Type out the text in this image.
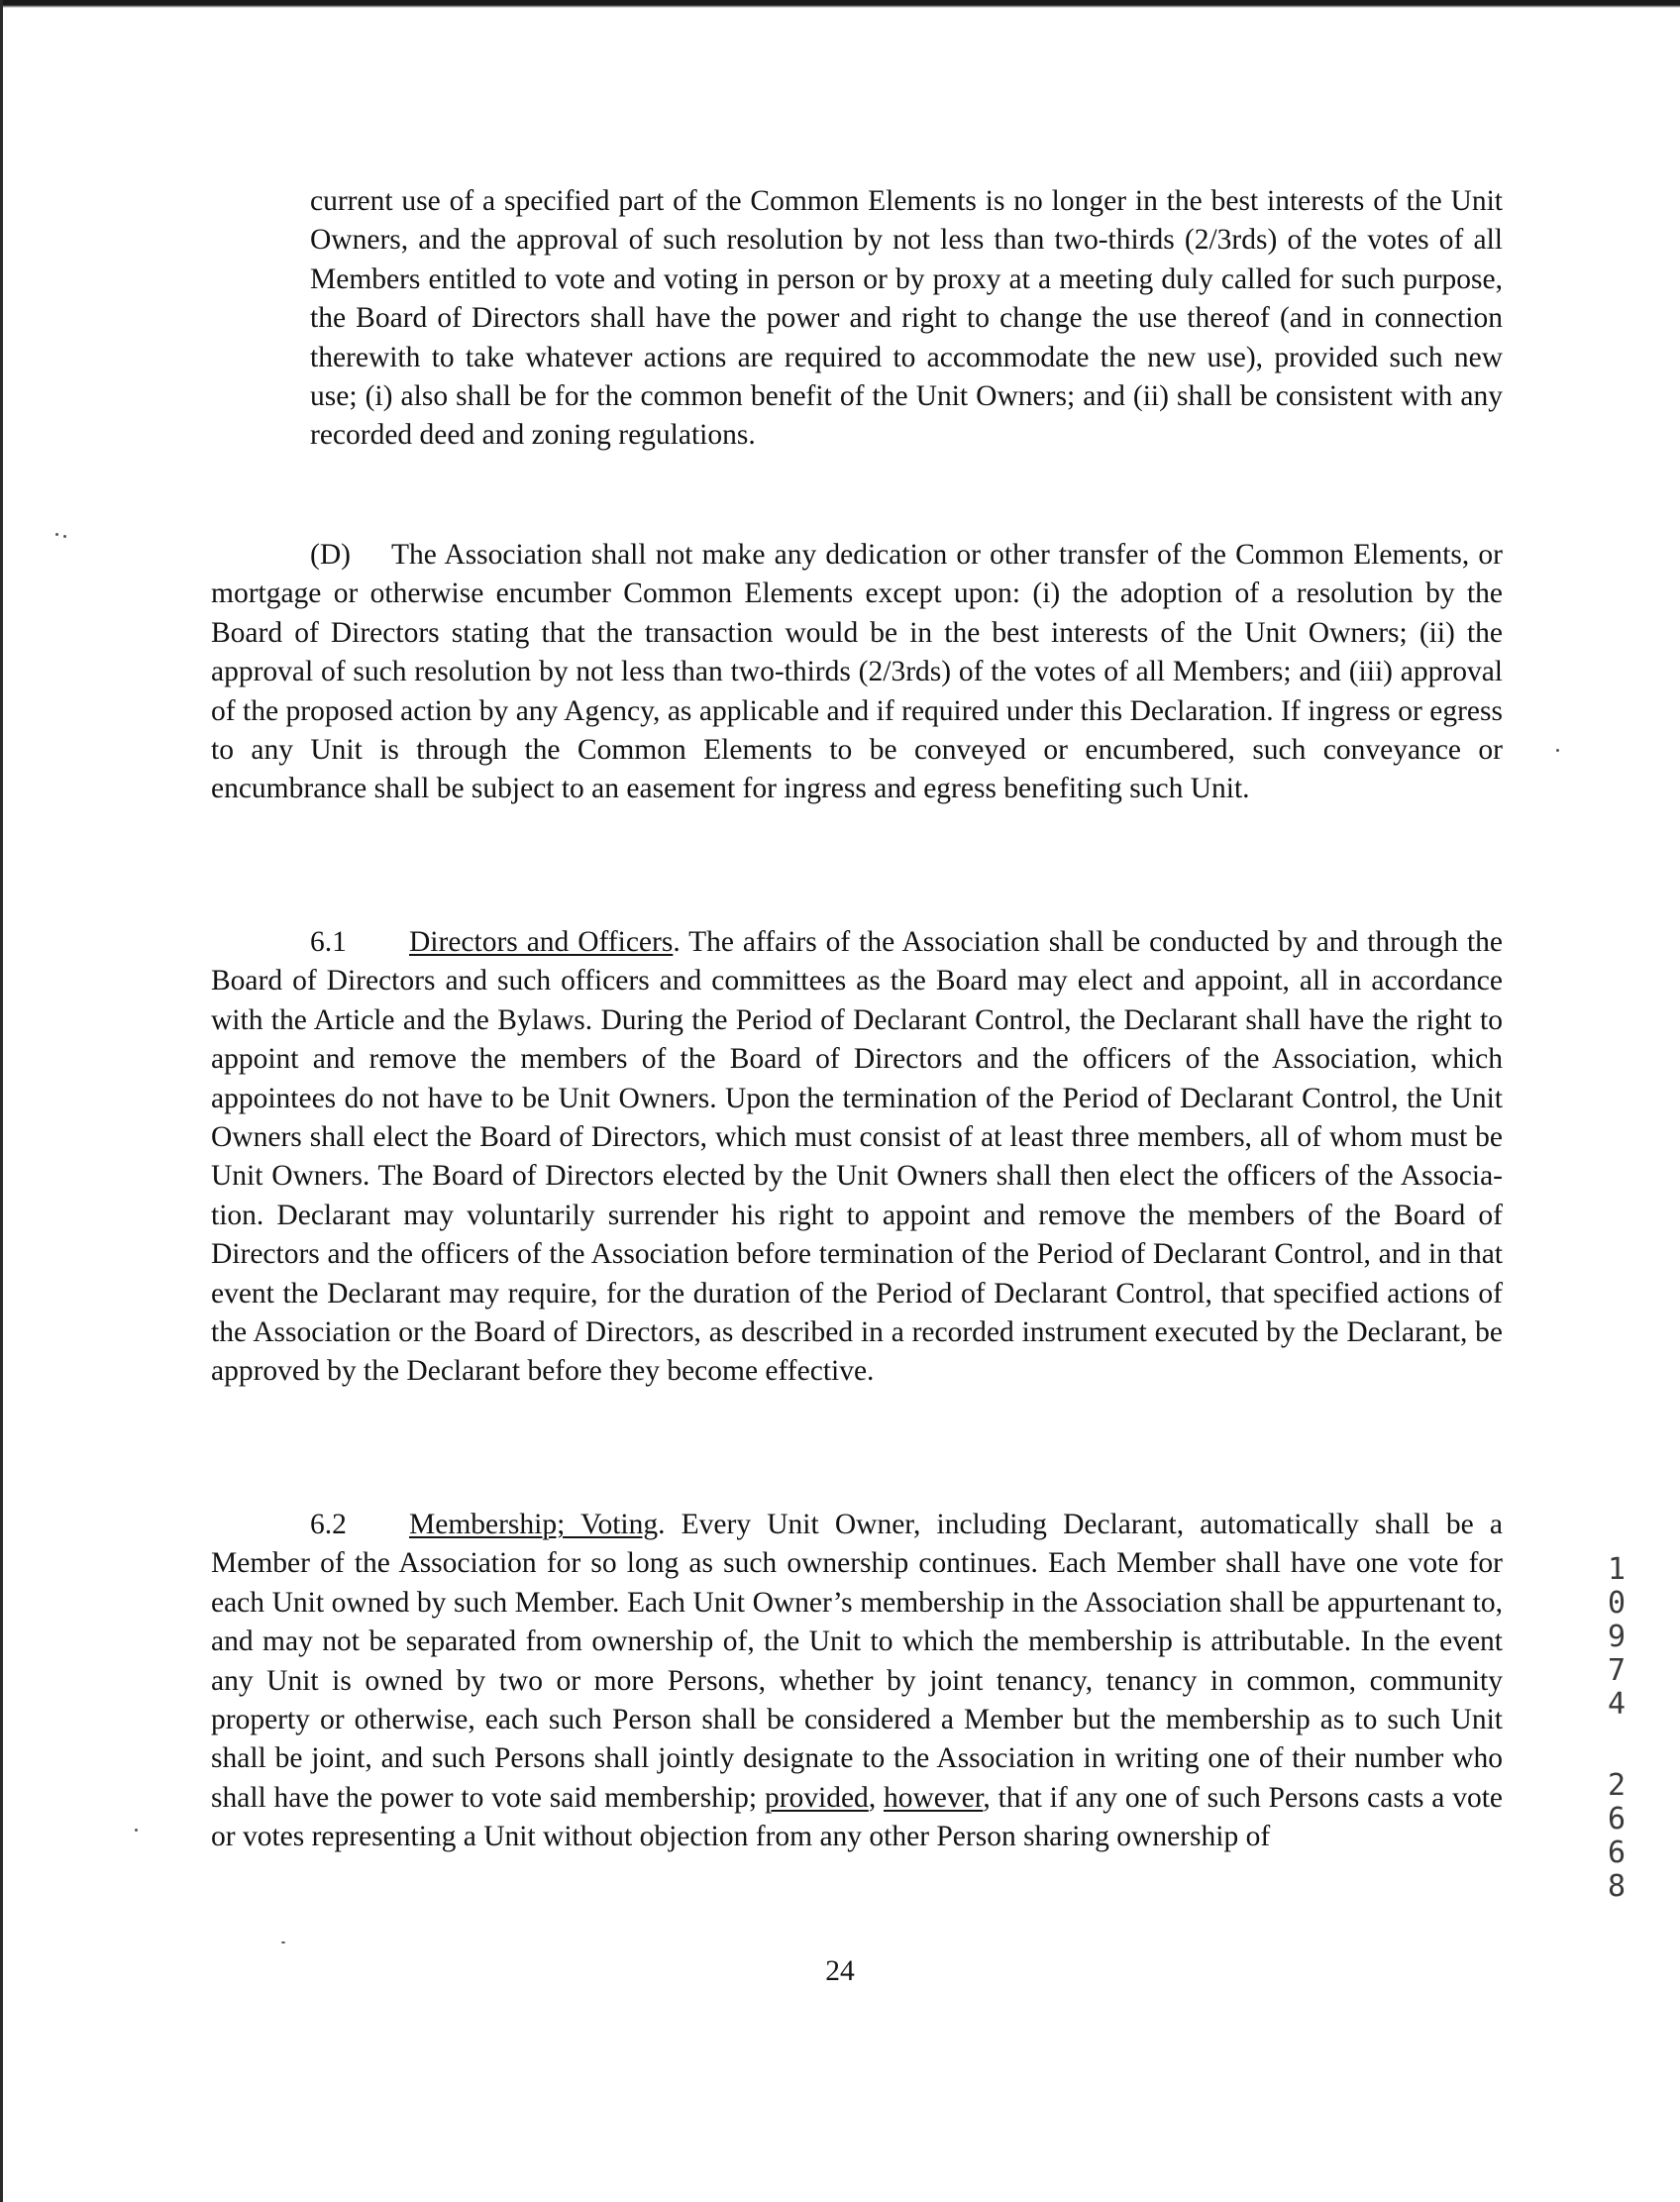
current use of a specified part of the Common Elements is no longer in the best interests of the Unit Owners, and the approval of such resolution by not less than two-thirds (2/3rds) of the votes of all Members entitled to vote and voting in person or by proxy at a meeting duly called for such purpose, the Board of Directors shall have the power and right to change the use thereof (and in connection therewith to take whatever actions are required to accommodate the new use), provided such new use; (i) also shall be for the common benefit of the Unit Owners; and (ii) shall be consistent with any recorded deed and zoning regulations.

(D) The Association shall not make any dedication or other transfer of the Common Elements, or mortgage or otherwise encumber Common Elements except upon: (i) the adoption of a resolution by the Board of Directors stating that the transaction would be in the best interests of the Unit Owners; (ii) the approval of such resolution by not less than two-thirds (2/3rds) of the votes of all Members; and (iii) approval of the proposed action by any Agency, as applicable and if required under this Declaration. If ingress or egress to any Unit is through the Common Elements to be conveyed or encumbered, such conveyance or encumbrance shall be subject to an easement for ingress and egress benefiting such Unit.

6.1 Directors and Officers. The affairs of the Association shall be conducted by and through the Board of Directors and such officers and committees as the Board may elect and appoint, all in accordance with the Article and the Bylaws. During the Period of Declarant Control, the Declarant shall have the right to appoint and remove the members of the Board of Directors and the officers of the Association, which appointees do not have to be Unit Owners. Upon the termination of the Period of Declarant Control, the Unit Owners shall elect the Board of Directors, which must consist of at least three members, all of whom must be Unit Owners. The Board of Directors elected by the Unit Owners shall then elect the officers of the Associa-tion. Declarant may voluntarily surrender his right to appoint and remove the members of the Board of Directors and the officers of the Association before termination of the Period of Declarant Control, and in that event the Declarant may require, for the duration of the Period of Declarant Control, that specified actions of the Association or the Board of Directors, as described in a recorded instrument executed by the Declarant, be approved by the Declarant before they become effective.

6.2 Membership; Voting. Every Unit Owner, including Declarant, automatically shall be a Member of the Association for so long as such ownership continues. Each Member shall have one vote for each Unit owned by such Member. Each Unit Owner’s membership in the Association shall be appurtenant to, and may not be separated from ownership of, the Unit to which the membership is attributable. In the event any Unit is owned by two or more Persons, whether by joint tenancy, tenancy in common, community property or otherwise, each such Person shall be considered a Member but the membership as to such Unit shall be joint, and such Persons shall jointly designate to the Association in writing one of their number who shall have the power to vote said membership; provided, however, that if any one of such Persons casts a vote or votes representing a Unit without objection from any other Person sharing ownership of

24
1
0
9
7
4
2
6
6
8
